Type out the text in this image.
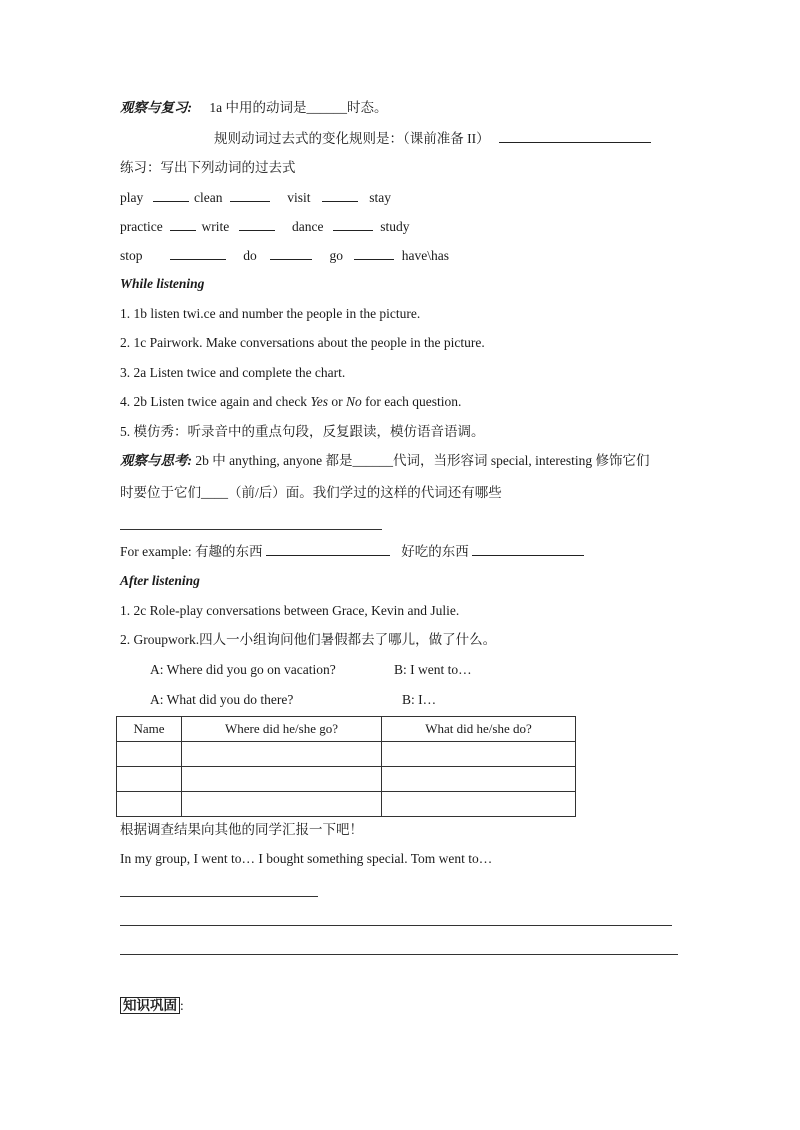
观察与复习: 1a 中用的动词是______时态。
规则动词过去式的变化规则是：（课前准备 II）
练习：写出下列动词的过去式
play	clean	visit	stay
practice	write	dance	study
stop	do	go	have\has
While listening
1. 1b listen twi.ce and number the people in the picture.
2. 1c Pairwork. Make conversations about the people in the picture.
3. 2a Listen twice and complete the chart.
4. 2b Listen twice again and check Yes or No for each question.
5. 模仿秀：听录音中的重点句段，反复跟读，模仿语音语调。
观察与思考: 2b 中 anything, anyone 都是______代词，当形容词 special, interesting 修饰它们
时要位于它们____（前/后）面。我们学过的这样的代词还有哪些
For example: 有趣的东西	好吃的东西
After listening
1. 2c Role-play conversations between Grace, Kevin and Julie.
2. Groupwork.四人一小组询问他们暑假都去了哪儿，做了什么。
A: Where did you go on vacation?	B: I went to…
A: What did you do there?	B: I…
Name	Where did he/she go?	What did he/she do?

根据调查结果向其他的同学汇报一下吧！
In my group, I went to… I bought something special. Tom went to…
知识巩固 :
